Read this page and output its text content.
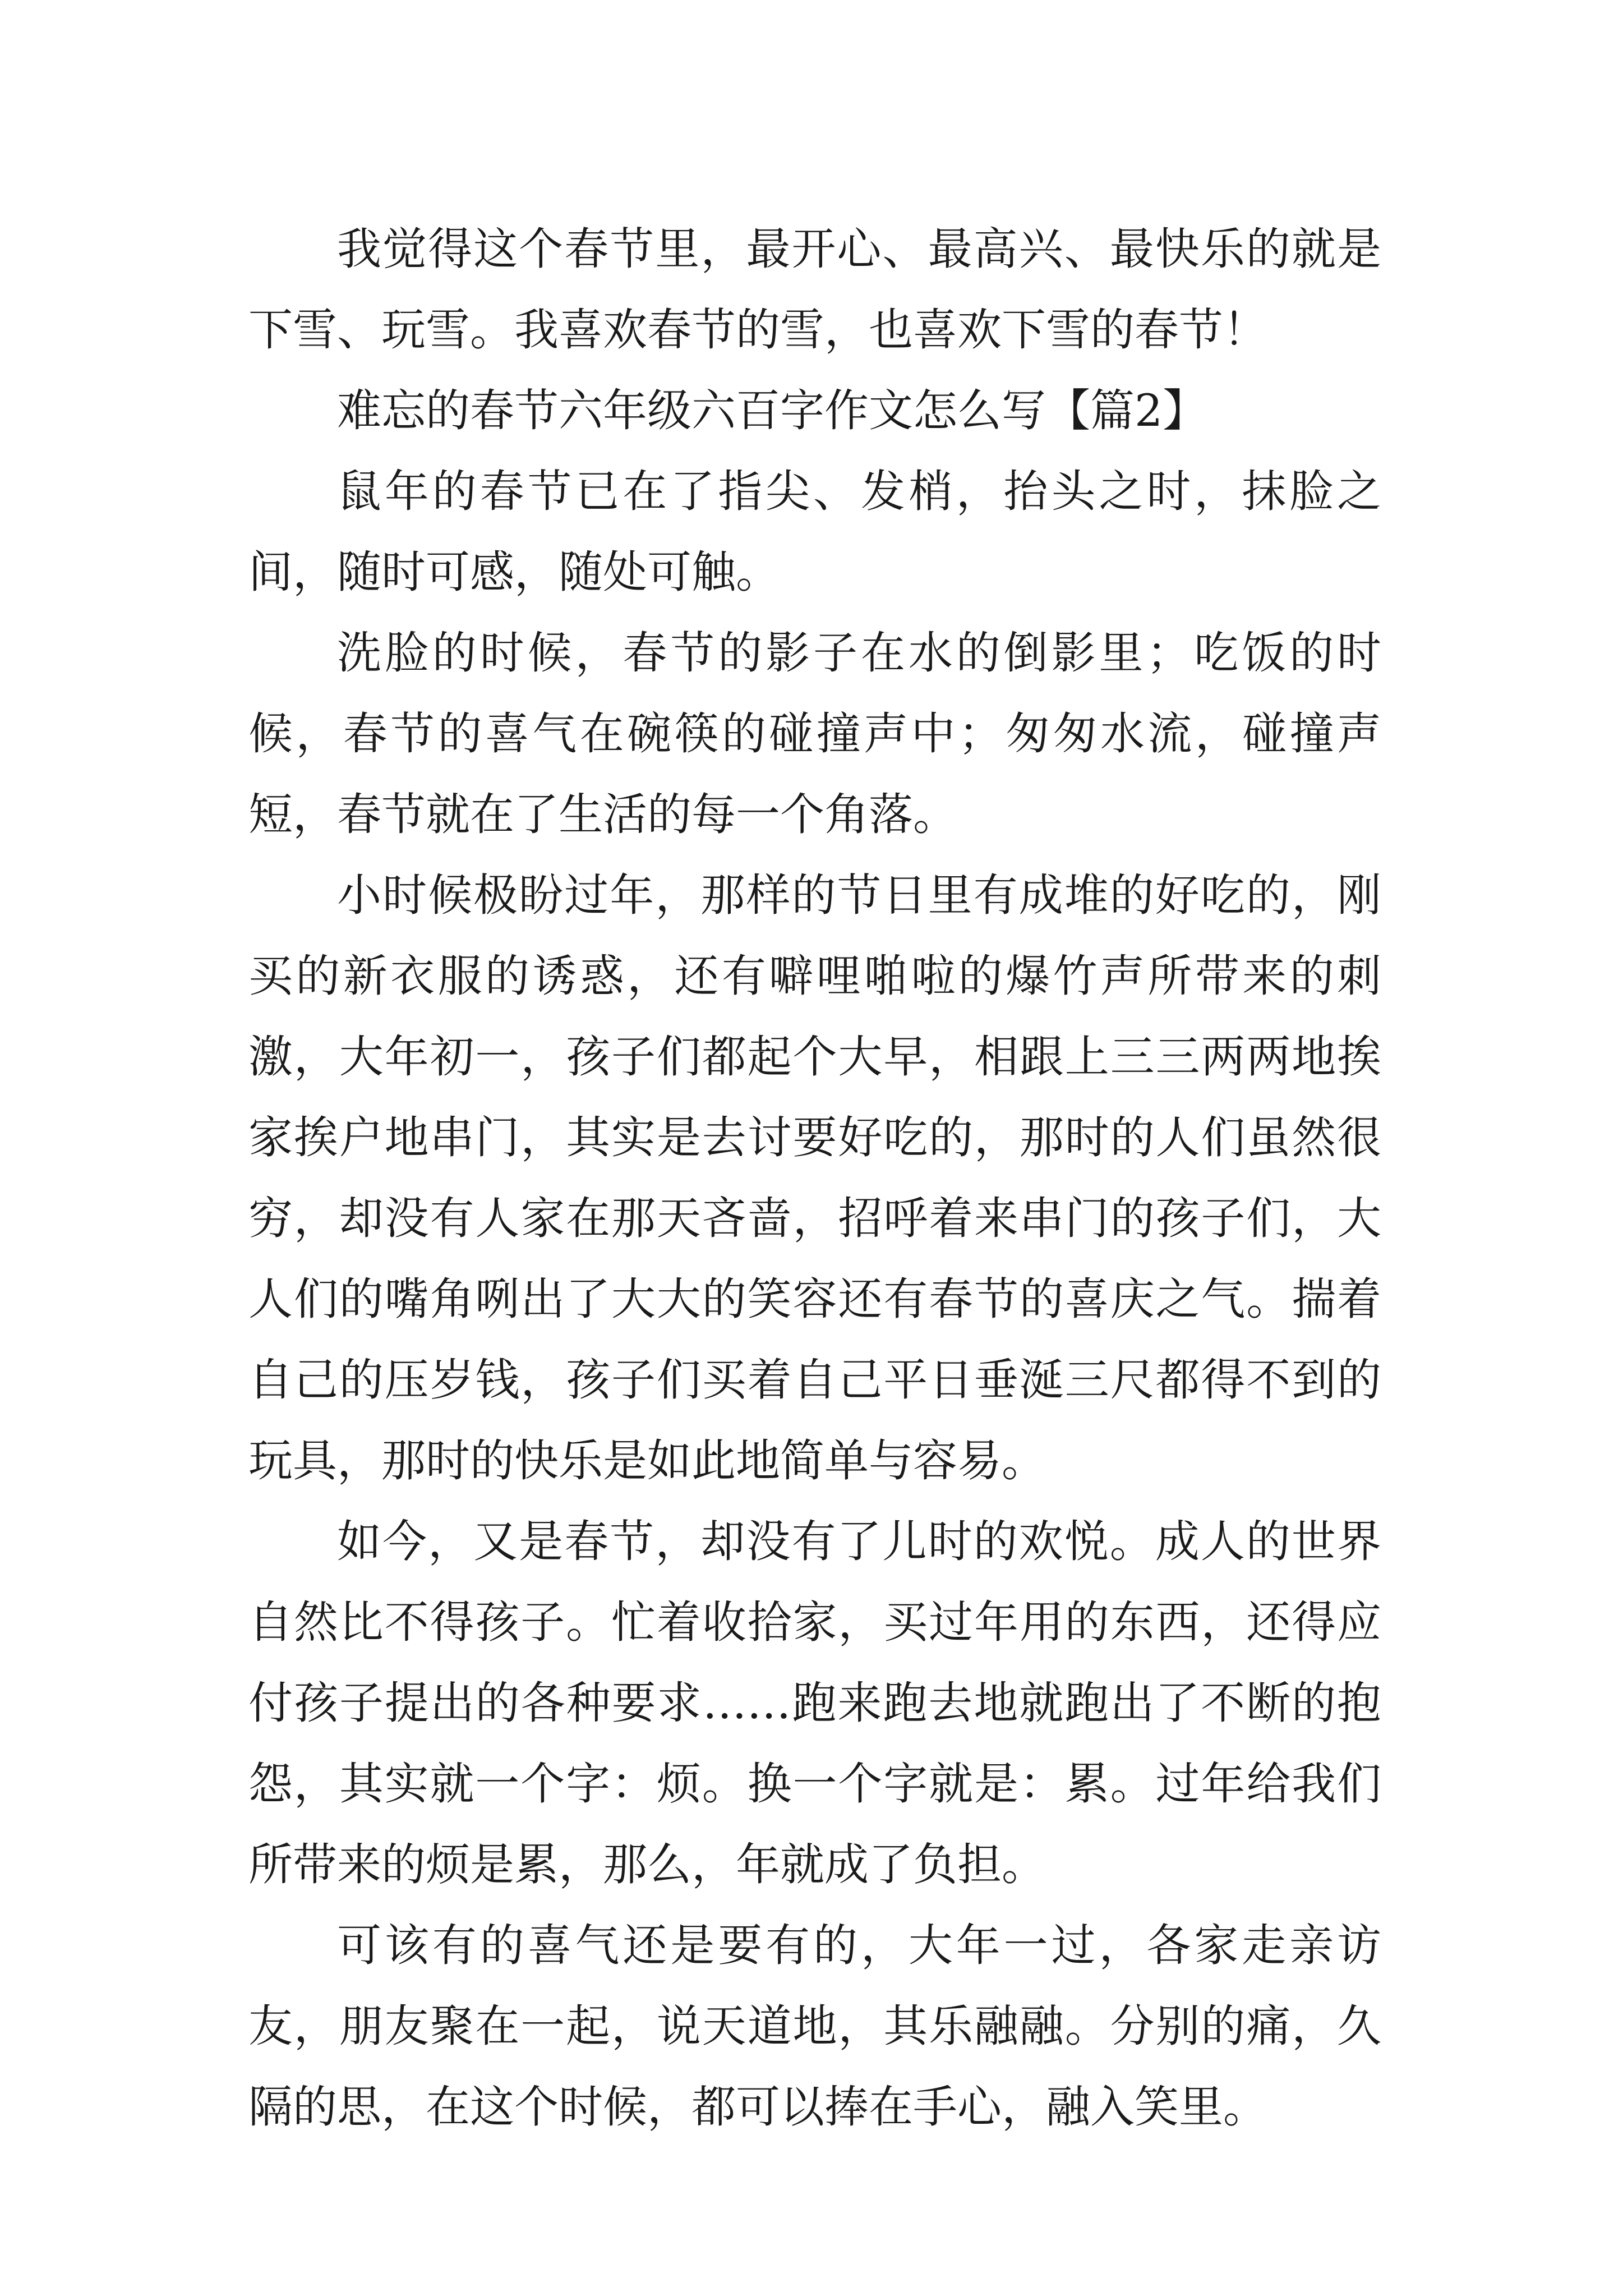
我觉得这个春节里，最开心、最高兴、最快乐的就是下雪、玩雪。我喜欢春节的雪，也喜欢下雪的春节！

难忘的春节六年级六百字作文怎么写【篇2】

鼠年的春节已在了指尖、发梢，抬头之时，抹脸之间，随时可感，随处可触。

洗脸的时候，春节的影子在水的倒影里；吃饭的时候，春节的喜气在碗筷的碰撞声中；匆匆水流，碰撞声短，春节就在了生活的每一个角落。

小时候极盼过年，那样的节日里有成堆的好吃的，刚买的新衣服的诱惑，还有噼哩啪啦的爆竹声所带来的刺激，大年初一，孩子们都起个大早，相跟上三三两两地挨家挨户地串门，其实是去讨要好吃的，那时的人们虽然很穷，却没有人家在那天吝啬，招呼着来串门的孩子们，大人们的嘴角咧出了大大的笑容还有春节的喜庆之气。揣着自己的压岁钱，孩子们买着自己平日垂涎三尺都得不到的玩具，那时的快乐是如此地简单与容易。

如今，又是春节，却没有了儿时的欢悦。成人的世界自然比不得孩子。忙着收拾家，买过年用的东西，还得应付孩子提出的各种要求……跑来跑去地就跑出了不断的抱怨，其实就一个字：烦。换一个字就是：累。过年给我们所带来的烦是累，那么，年就成了负担。

可该有的喜气还是要有的，大年一过，各家走亲访友，朋友聚在一起，说天道地，其乐融融。分别的痛，久隔的思，在这个时候，都可以捧在手心，融入笑里。
